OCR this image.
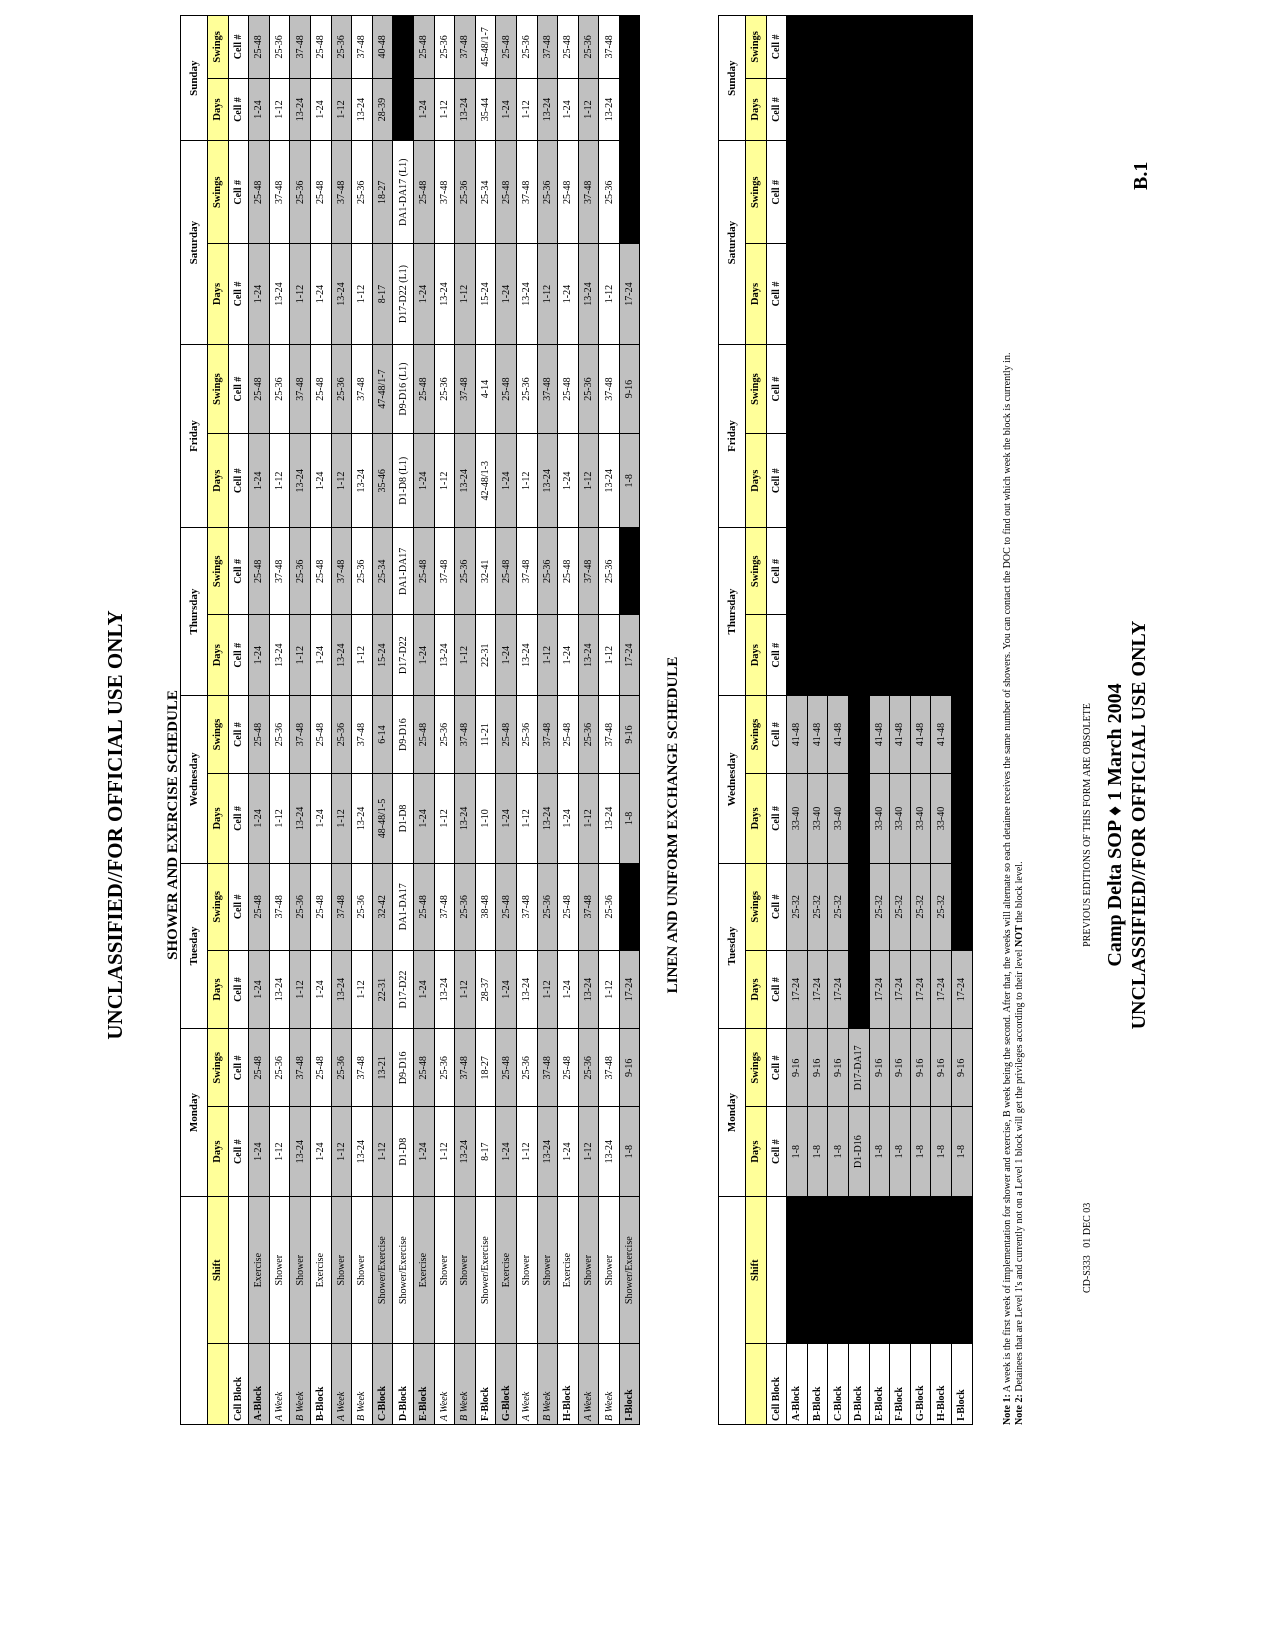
UNCLASSIFIED//FOR OFFICIAL USE ONLY	SHOWER AND EXERCISE SCHEDULE
		Monday		Tuesday		Wednesday		Thursday		Friday		Saturday		Sunday	
	Shift	Days	Swings	Days	Swings	Days	Swings	Days	Swings	Days	Swings	Days	Swings	Days	Swings
Cell Block		Cell #	Cell #	Cell #	Cell #	Cell #	Cell #	Cell #	Cell #	Cell #	Cell #	Cell #	Cell #	Cell #	Cell #
A-Block	Exercise	1-24	25-48	1-24	25-48	1-24	25-48	1-24	25-48	1-24	25-48	1-24	25-48	1-24	25-48
A Week	Shower	1-12	25-36	13-24	37-48	1-12	25-36	13-24	37-48	1-12	25-36	13-24	37-48	1-12	25-36
B Week	Shower	13-24	37-48	1-12	25-36	13-24	37-48	1-12	25-36	13-24	37-48	1-12	25-36	13-24	37-48
B-Block	Exercise	1-24	25-48	1-24	25-48	1-24	25-48	1-24	25-48	1-24	25-48	1-24	25-48	1-24	25-48
A Week	Shower	1-12	25-36	13-24	37-48	1-12	25-36	13-24	37-48	1-12	25-36	13-24	37-48	1-12	25-36
B Week	Shower	13-24	37-48	1-12	25-36	13-24	37-48	1-12	25-36	13-24	37-48	1-12	25-36	13-24	37-48
C-Block	Shower/Exercise	1-12	13-21	22-31	32-42	48-48/1-5	6-14	15-24	25-34	35-46	47-48/1-7	8-17	18-27	28-39	40-48
D-Block	Shower/Exercise	D1-D8	D9-D16	D17-D22	DA1-DA17	D1-D8	D9-D16	D17-D22	DA1-DA17	D1-D8 (L1)	D9-D16 (L1)	D17-D22 (L1)	DA1-DA17 (L1)		
E-Block	Exercise	1-24	25-48	1-24	25-48	1-24	25-48	1-24	25-48	1-24	25-48	1-24	25-48	1-24	25-48
A Week	Shower	1-12	25-36	13-24	37-48	1-12	25-36	13-24	37-48	1-12	25-36	13-24	37-48	1-12	25-36
B Week	Shower	13-24	37-48	1-12	25-36	13-24	37-48	1-12	25-36	13-24	37-48	1-12	25-36	13-24	37-48
F-Block	Shower/Exercise	8-17	18-27	28-37	38-48	1-10	11-21	22-31	32-41	42-48/1-3	4-14	15-24	25-34	35-44	45-48/1-7
G-Block	Exercise	1-24	25-48	1-24	25-48	1-24	25-48	1-24	25-48	1-24	25-48	1-24	25-48	1-24	25-48
A Week	Shower	1-12	25-36	13-24	37-48	1-12	25-36	13-24	37-48	1-12	25-36	13-24	37-48	1-12	25-36
B Week	Shower	13-24	37-48	1-12	25-36	13-24	37-48	1-12	25-36	13-24	37-48	1-12	25-36	13-24	37-48
H-Block	Exercise	1-24	25-48	1-24	25-48	1-24	25-48	1-24	25-48	1-24	25-48	1-24	25-48	1-24	25-48
A Week	Shower	1-12	25-36	13-24	37-48	1-12	25-36	13-24	37-48	1-12	25-36	13-24	37-48	1-12	25-36
B Week	Shower	13-24	37-48	1-12	25-36	13-24	37-48	1-12	25-36	13-24	37-48	1-12	25-36	13-24	37-48
I-Block	Shower/Exercise	1-8	9-16	17-24		1-8	9-16	17-24		1-8	9-16	17-24			
LINEN AND UNIFORM EXCHANGE SCHEDULE
		Monday		Tuesday		Wednesday		Thursday		Friday		Saturday		Sunday	
	Shift	Days	Swings	Days	Swings	Days	Swings	Days	Swings	Days	Swings	Days	Swings	Days	Swings
Cell Block		Cell #	Cell #	Cell #	Cell #	Cell #	Cell #	Cell #	Cell #	Cell #	Cell #	Cell #	Cell #	Cell #	Cell #
A-Block		1-8	9-16	17-24	25-32	33-40	41-48								
B-Block		1-8	9-16	17-24	25-32	33-40	41-48								
C-Block		1-8	9-16	17-24	25-32	33-40	41-48								
D-Block		D1-D16	D17-DA17												
E-Block		1-8	9-16	17-24	25-32	33-40	41-48								
F-Block		1-8	9-16	17-24	25-32	33-40	41-48								
G-Block		1-8	9-16	17-24	25-32	33-40	41-48								
H-Block		1-8	9-16	17-24	25-32	33-40	41-48								
I-Block		1-8	9-16	17-24											
Note 1: A week is the first week of implementation for shower and exercise, B week being the second. After that, the weeks will alternate so each detainee receives the same number of showers. You can contact the DOC to find out which week the block is currently in.
Note 2: Detainees that are Level 1's and currently not on a Level 1 block will get the privileges according to their level NOT the block level.
CD-S333   01 DEC 03
PREVIOUS EDITIONS OF THIS FORM ARE OBSOLETE Camp Delta SOP ♦ 1 March 2004 UNCLASSIFIED//FOR OFFICIAL USE ONLY
B.1
